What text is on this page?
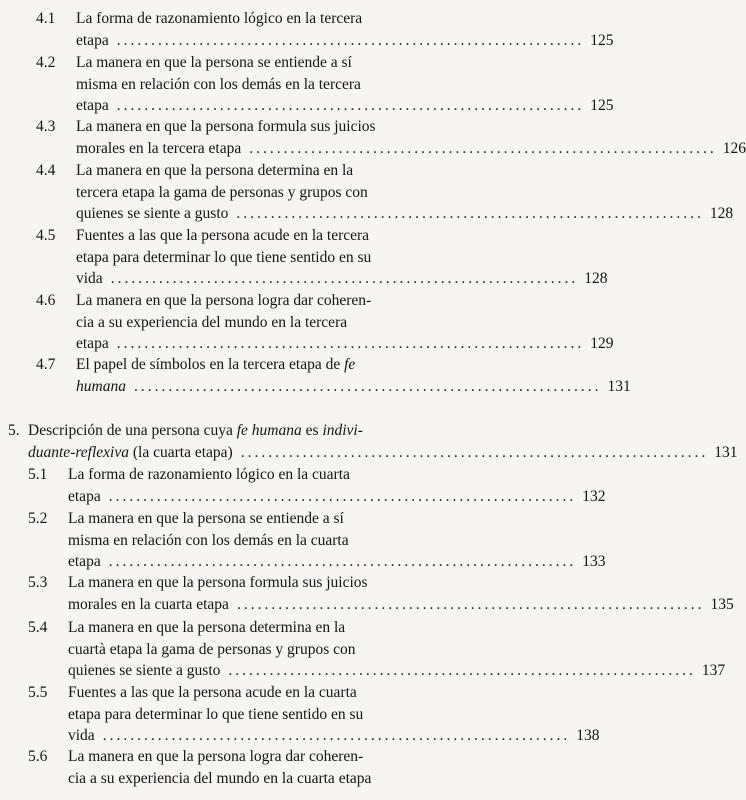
4.1	La forma de razonamiento lógico en la tercera
etapa .................................................................... 125
4.2	La manera en que la persona se entiende a sí
misma en relación con los demás en la tercera
etapa .................................................................... 125
4.3	La manera en que la persona formula sus juicios
morales en la tercera etapa .................................................................... 126
4.4	La manera en que la persona determina en la
tercera etapa la gama de personas y grupos con
quienes se siente a gusto .................................................................... 128
4.5	Fuentes a las que la persona acude en la tercera
etapa para determinar lo que tiene sentido en su
vida .................................................................... 128
4.6	La manera en que la persona logra dar coheren-
cia a su experiencia del mundo en la tercera
etapa .................................................................... 129
4.7	El papel de símbolos en la tercera etapa de fe
humana .................................................................... 131
5. Descripción de una persona cuya fe humana es indivi-
duante-reflexiva (la cuarta etapa) .................................................................... 131
5.1	La forma de razonamiento lógico en la cuarta
etapa .................................................................... 132
5.2	La manera en que la persona se entiende a sí
misma en relación con los demás en la cuarta
etapa .................................................................... 133
5.3	La manera en que la persona formula sus juicios
morales en la cuarta etapa .................................................................... 135
5.4	La manera en que la persona determina en la
cuartà etapa la gama de personas y grupos con
quienes se siente a gusto .................................................................... 137
5.5	Fuentes a las que la persona acude en la cuarta
etapa para determinar lo que tiene sentido en su
vida .................................................................... 138
5.6	La manera en que la persona logra dar coheren-
cia a su experiencia del mundo en la cuarta etapa
